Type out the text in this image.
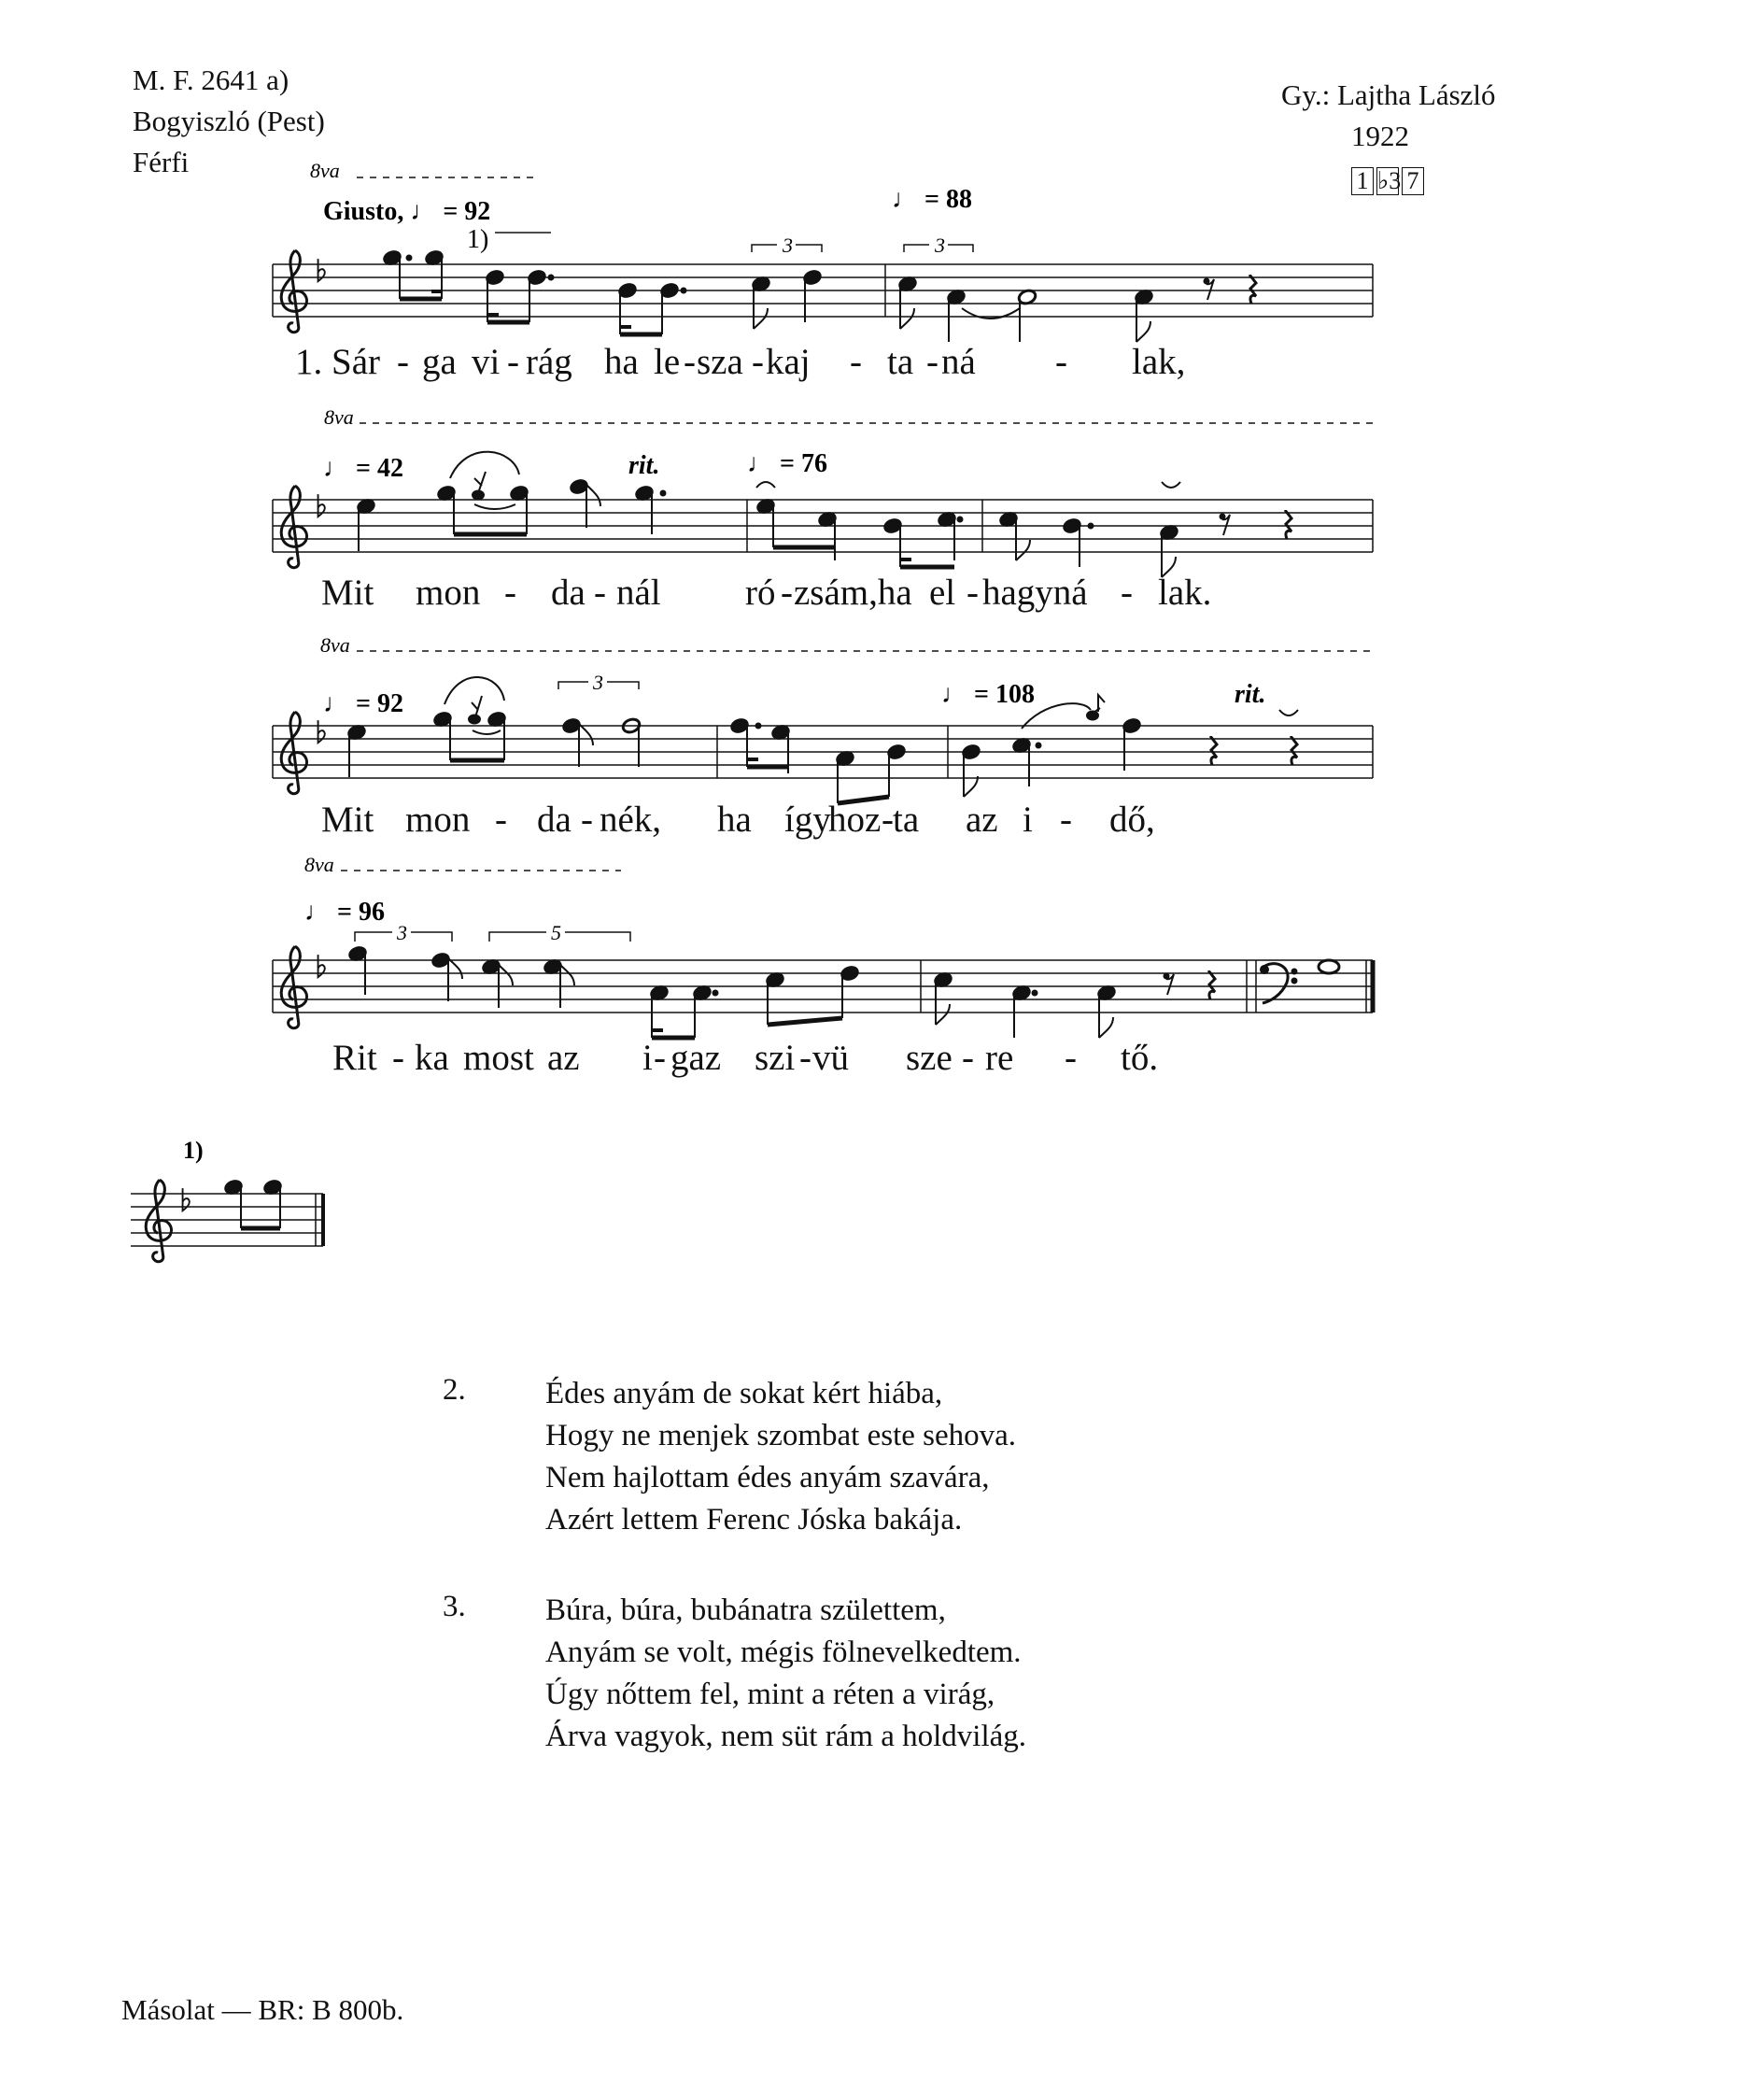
M. F. 2641 a)
Bogyiszló (Pest)
Férfi
Gy.: Lajtha László
1922
1 ♭3 7
8va
Giusto, ♩ = 92	♩ = 88
1)	3	3
8va
♩ = 42	rit.	♩ = 76
8va
♩ = 92	♩ = 108	rit.
3
8va
♩ = 96
3	5
1)
1. Sár - ga vi - rág ha le - sza - kaj - ta - ná - lak,
Mit mon - da - nál ró - zsám,ha el - hagyná - lak.
Mit mon - da - nék, ha így
hoz - ta az i - dő,
Rit - ka most az i - gaz szi - vü sze - re - tő.
2.	Édes anyám de sokat kért hiába,
Hogy ne menjek szombat este sehova.
Nem hajlottam édes anyám szavára,
Azért lettem Ferenc Jóska bakája.
3.	Búra, búra, bubánatra születtem,
Anyám se volt, mégis fölnevelkedtem.
Úgy nőttem fel, mint a réten a virág,
Árva vagyok, nem süt rám a holdvilág.
Másolat — BR: B 800b.
